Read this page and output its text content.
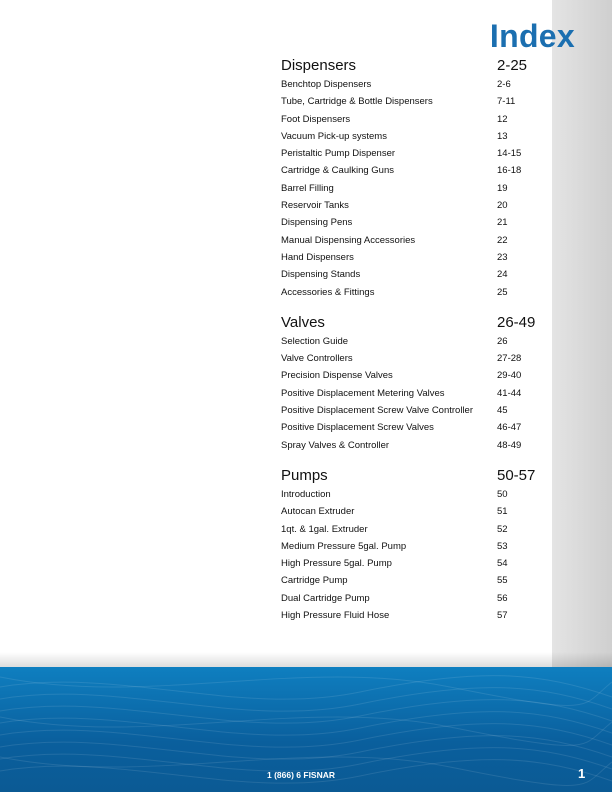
Index
Dispensers	2-25
Benchtop Dispensers	2-6
Tube, Cartridge & Bottle Dispensers	7-11
Foot Dispensers	12
Vacuum Pick-up systems	13
Peristaltic Pump Dispenser	14-15
Cartridge & Caulking Guns	16-18
Barrel Filling	19
Reservoir Tanks	20
Dispensing Pens	21
Manual Dispensing Accessories	22
Hand Dispensers	23
Dispensing Stands	24
Accessories & Fittings	25
Valves	26-49
Selection Guide	26
Valve Controllers	27-28
Precision Dispense Valves	29-40
Positive Displacement Metering Valves	41-44
Positive Displacement Screw Valve Controller	45
Positive Displacement Screw Valves	46-47
Spray Valves & Controller	48-49
Pumps	50-57
Introduction	50
Autocan Extruder	51
1qt. & 1gal. Extruder	52
Medium Pressure 5gal. Pump	53
High Pressure 5gal. Pump	54
Cartridge Pump	55
Dual Cartridge Pump	56
High Pressure Fluid Hose	57
1 (866) 6 FISNAR	1
